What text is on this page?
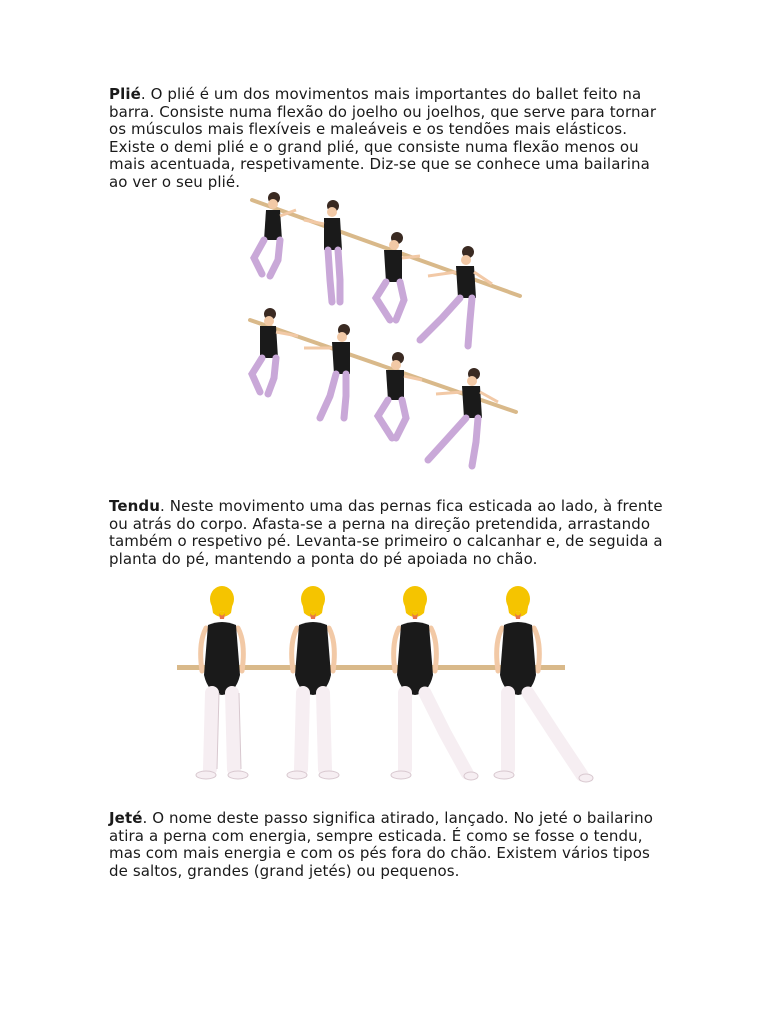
Plié. O plié é um dos movimentos mais importantes do ballet feito na barra. Consiste numa flexão do joelho ou joelhos, que serve para tornar os músculos mais flexíveis e maleáveis e os tendões mais elásticos. Existe o demi plié e o grand plié, que consiste numa flexão menos ou mais acentuada, respetivamente. Diz-se que se conhece uma bailarina ao ver o seu plié.
Tendu. Neste movimento uma das pernas fica esticada ao lado, à frente ou atrás do corpo. Afasta-se a perna na direção pretendida, arrastando também o respetivo pé. Levanta-se primeiro o calcanhar e, de seguida a planta do pé, mantendo a ponta do pé apoiada no chão.
Jeté. O nome deste passo significa atirado, lançado. No jeté o bailarino atira a perna com energia, sempre esticada. É como se fosse o tendu, mas com mais energia e com os pés fora do chão. Existem vários tipos de saltos, grandes (grand jetés) ou pequenos.
